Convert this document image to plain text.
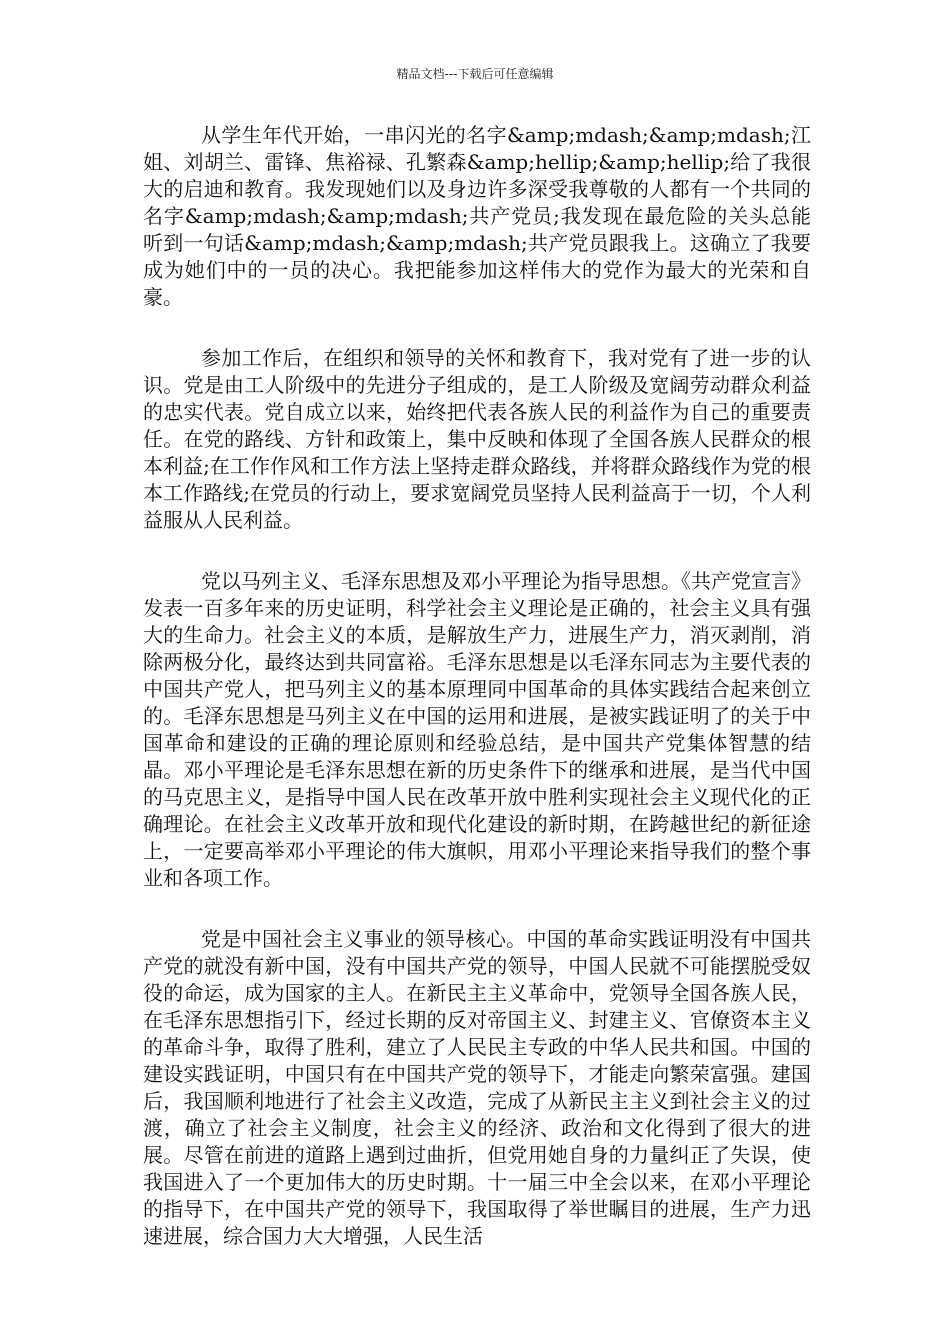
精品文档---下载后可任意编辑

从学生年代开始，一串闪光的名字&amp;mdash;&amp;mdash;江姐、刘胡兰、雷锋、焦裕禄、孔繁森&amp;hellip;&amp;hellip;给了我很大的启迪和教育。我发现她们以及身边许多深受我尊敬的人都有一个共同的名字&amp;mdash;&amp;mdash;共产党员;我发现在最危险的关头总能听到一句话&amp;mdash;&amp;mdash;共产党员跟我上。这确立了我要成为她们中的一员的决心。我把能参加这样伟大的党作为最大的光荣和自豪。

参加工作后，在组织和领导的关怀和教育下，我对党有了进一步的认识。党是由工人阶级中的先进分子组成的，是工人阶级及宽阔劳动群众利益的忠实代表。党自成立以来，始终把代表各族人民的利益作为自己的重要责任。在党的路线、方针和政策上，集中反映和体现了全国各族人民群众的根本利益;在工作作风和工作方法上坚持走群众路线，并将群众路线作为党的根本工作路线;在党员的行动上，要求宽阔党员坚持人民利益高于一切，个人利益服从人民利益。

党以马列主义、毛泽东思想及邓小平理论为指导思想。《共产党宣言》发表一百多年来的历史证明，科学社会主义理论是正确的，社会主义具有强大的生命力。社会主义的本质，是解放生产力，进展生产力，消灭剥削，消除两极分化，最终达到共同富裕。毛泽东思想是以毛泽东同志为主要代表的中国共产党人，把马列主义的基本原理同中国革命的具体实践结合起来创立的。毛泽东思想是马列主义在中国的运用和进展，是被实践证明了的关于中国革命和建设的正确的理论原则和经验总结，是中国共产党集体智慧的结晶。邓小平理论是毛泽东思想在新的历史条件下的继承和进展，是当代中国的马克思主义，是指导中国人民在改革开放中胜利实现社会主义现代化的正确理论。在社会主义改革开放和现代化建设的新时期，在跨越世纪的新征途上，一定要高举邓小平理论的伟大旗帜，用邓小平理论来指导我们的整个事业和各项工作。

党是中国社会主义事业的领导核心。中国的革命实践证明没有中国共产党的就没有新中国，没有中国共产党的领导，中国人民就不可能摆脱受奴役的命运，成为国家的主人。在新民主主义革命中，党领导全国各族人民，在毛泽东思想指引下，经过长期的反对帝国主义、封建主义、官僚资本主义的革命斗争，取得了胜利，建立了人民民主专政的中华人民共和国。中国的建设实践证明，中国只有在中国共产党的领导下，才能走向繁荣富强。建国后，我国顺利地进行了社会主义改造，完成了从新民主主义到社会主义的过渡，确立了社会主义制度，社会主义的经济、政治和文化得到了很大的进展。尽管在前进的道路上遇到过曲折，但党用她自身的力量纠正了失误，使我国进入了一个更加伟大的历史时期。十一届三中全会以来，在邓小平理论的指导下，在中国共产党的领导下，我国取得了举世瞩目的进展，生产力迅速进展，综合国力大大增强，人民生活
